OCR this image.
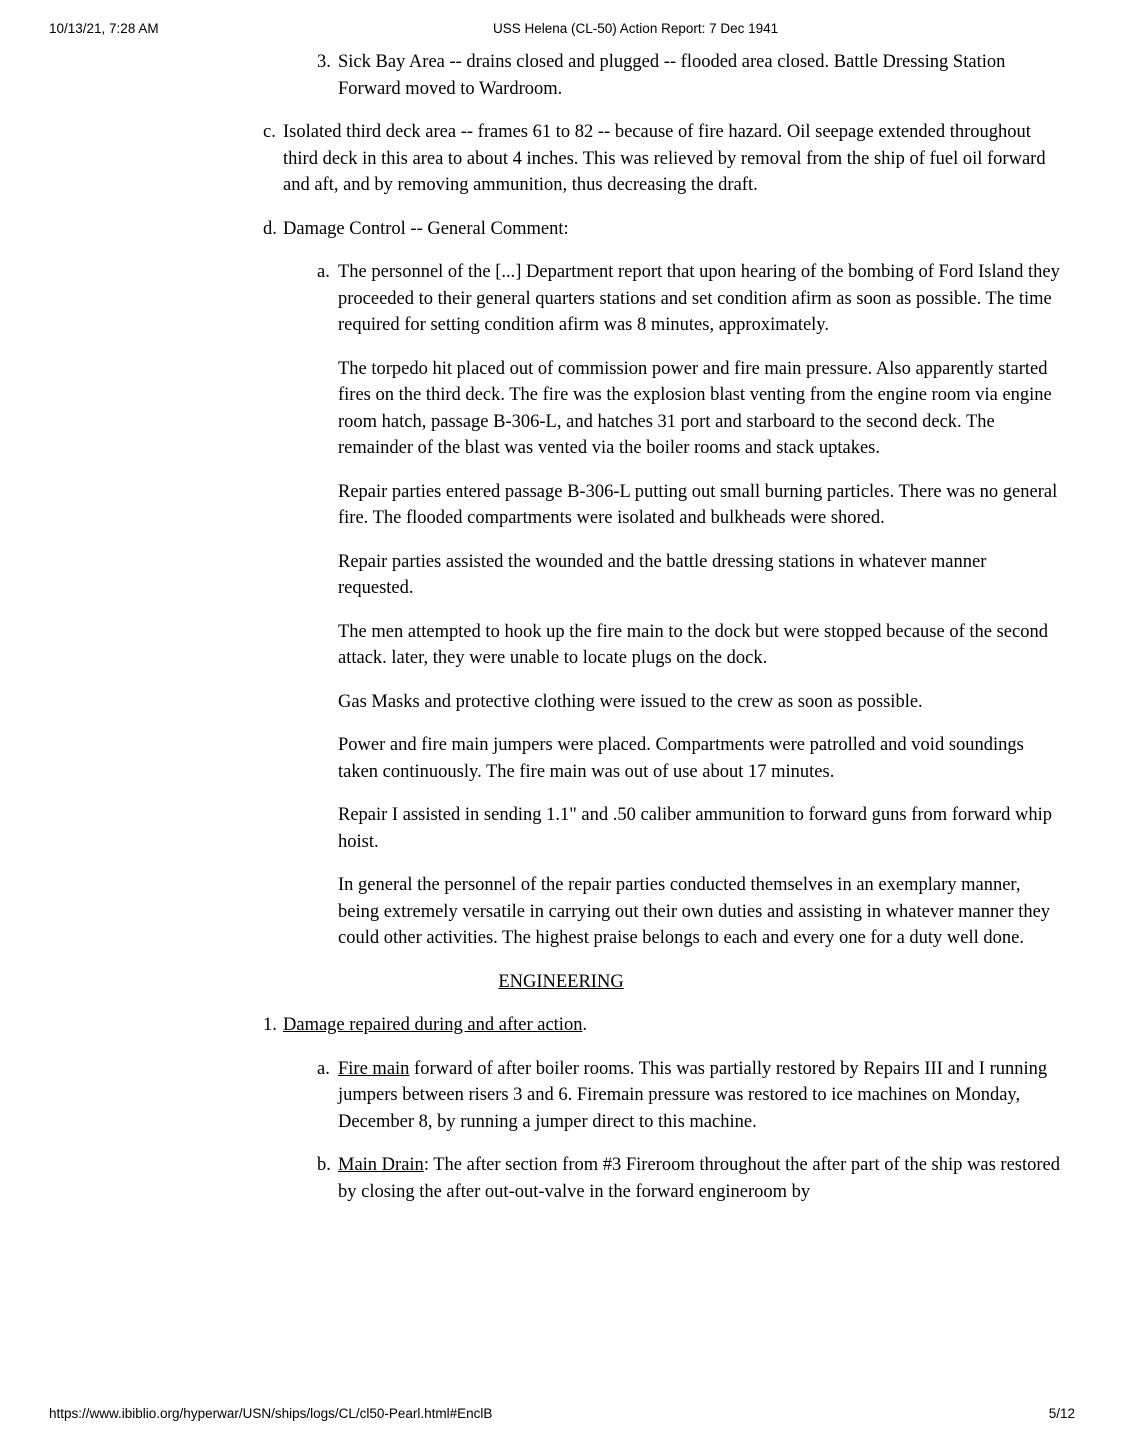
10/13/21, 7:28 AM	USS Helena (CL-50) Action Report: 7 Dec 1941

3. Sick Bay Area -- drains closed and plugged -- flooded area closed. Battle Dressing Station Forward moved to Wardroom.

c. Isolated third deck area -- frames 61 to 82 -- because of fire hazard. Oil seepage extended throughout third deck in this area to about 4 inches. This was relieved by removal from the ship of fuel oil forward and aft, and by removing ammunition, thus decreasing the draft.

d. Damage Control -- General Comment:

a. The personnel of the [...] Department report that upon hearing of the bombing of Ford Island they proceeded to their general quarters stations and set condition afirm as soon as possible. The time required for setting condition afirm was 8 minutes, approximately.

The torpedo hit placed out of commission power and fire main pressure. Also apparently started fires on the third deck. The fire was the explosion blast venting from the engine room via engine room hatch, passage B-306-L, and hatches 31 port and starboard to the second deck. The remainder of the blast was vented via the boiler rooms and stack uptakes.

Repair parties entered passage B-306-L putting out small burning particles. There was no general fire. The flooded compartments were isolated and bulkheads were shored.

Repair parties assisted the wounded and the battle dressing stations in whatever manner requested.

The men attempted to hook up the fire main to the dock but were stopped because of the second attack. later, they were unable to locate plugs on the dock.

Gas Masks and protective clothing were issued to the crew as soon as possible.

Power and fire main jumpers were placed. Compartments were patrolled and void soundings taken continuously. The fire main was out of use about 17 minutes.

Repair I assisted in sending 1.1" and .50 caliber ammunition to forward guns from forward whip hoist.

In general the personnel of the repair parties conducted themselves in an exemplary manner, being extremely versatile in carrying out their own duties and assisting in whatever manner they could other activities. The highest praise belongs to each and every one for a duty well done.

ENGINEERING

1. Damage repaired during and after action.

a. Fire main forward of after boiler rooms. This was partially restored by Repairs III and I running jumpers between risers 3 and 6. Firemain pressure was restored to ice machines on Monday, December 8, by running a jumper direct to this machine.

b. Main Drain: The after section from #3 Fireroom throughout the after part of the ship was restored by closing the after out-out-valve in the forward engineroom by

https://www.ibiblio.org/hyperwar/USN/ships/logs/CL/cl50-Pearl.html#EnclB	5/12
